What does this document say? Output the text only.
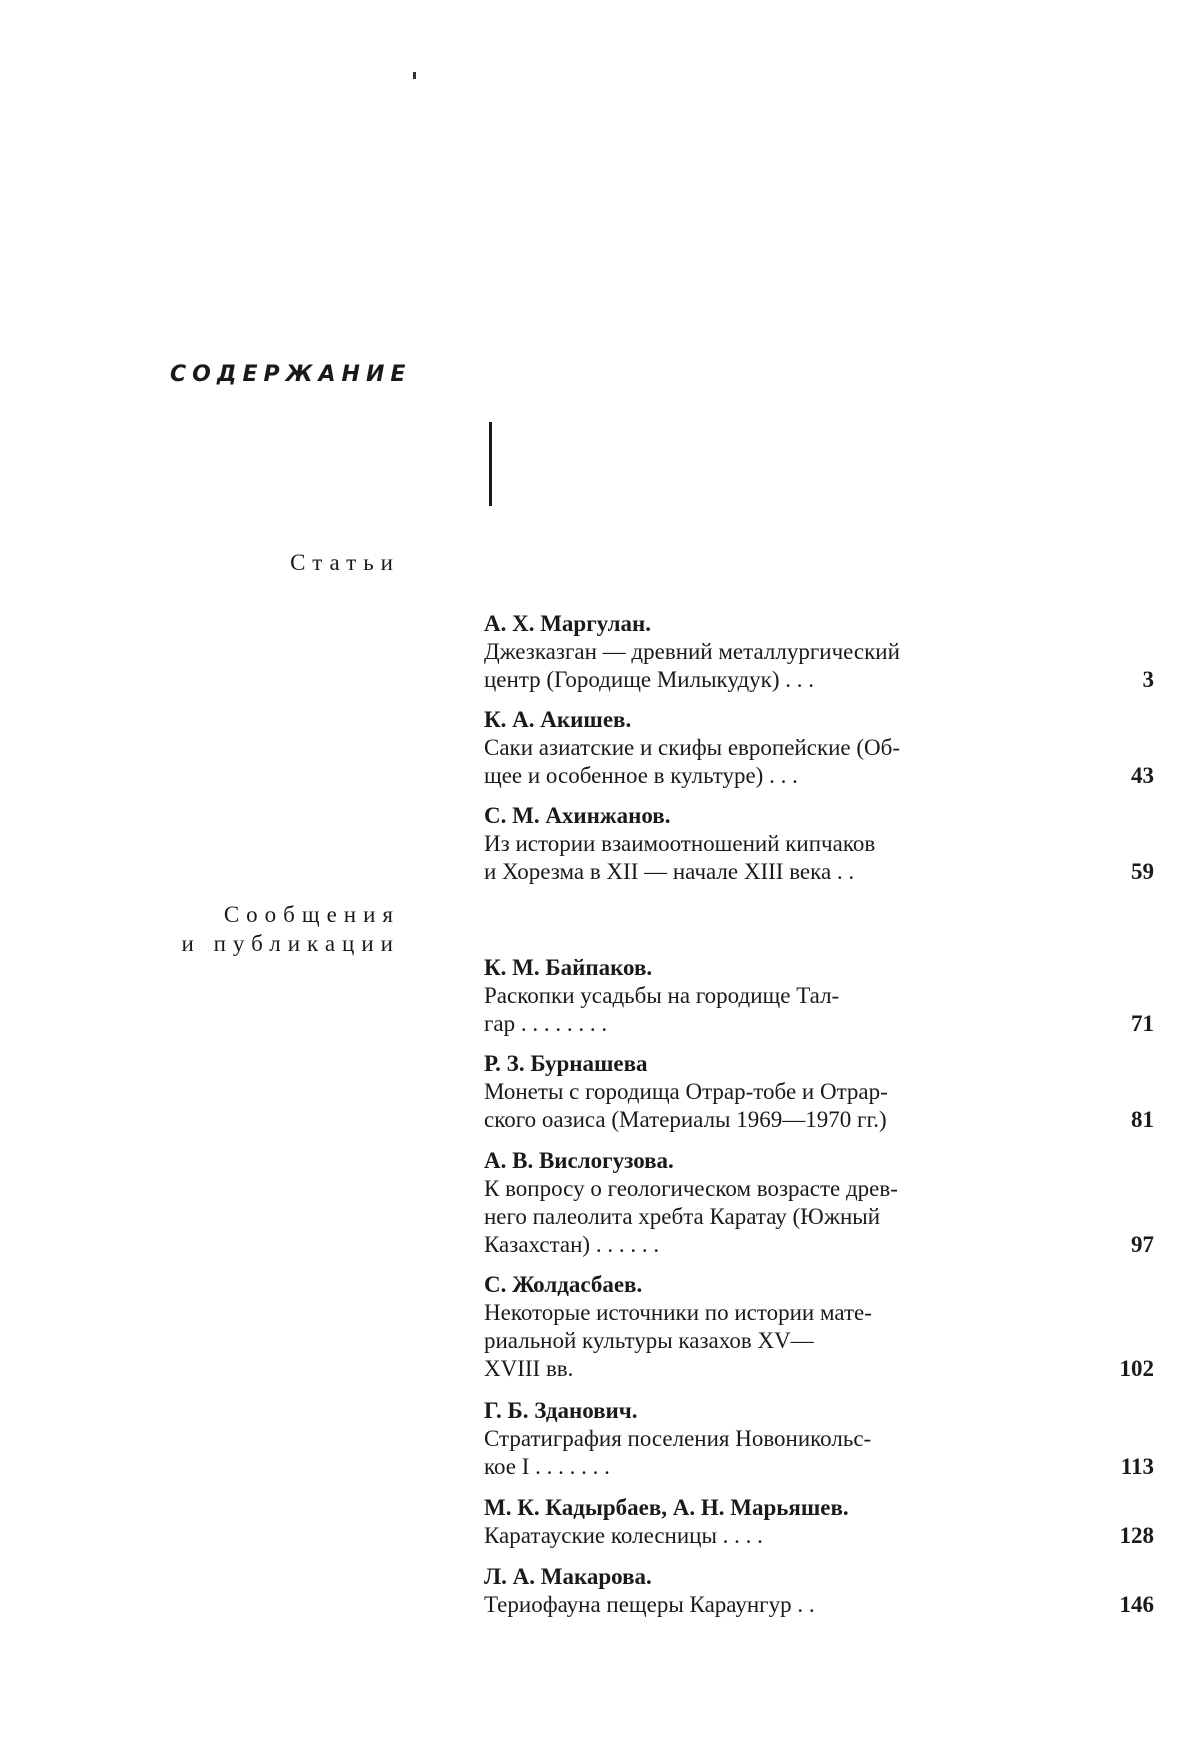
СОДЕРЖАНИЕ
Статьи
Сообщения
и публикации
А. Х. Маргулан.
Джезказган — древний металлургический
центр (Городище Милыкудук) . . .	3
К. А. Акишев.
Саки азиатские и скифы европейские (Об-
щее и особенное в культуре) . . .	43
С. М. Ахинжанов.
Из истории взаимоотношений кипчаков
и Хорезма в XII — начале XIII века . .	59
К. М. Байпаков.
Раскопки усадьбы на городище Тал-
гар . . . . . . . .	71
Р. З. Бурнашева
Монеты с городища Отрар-тобе и Отрар-
ского оазиса (Материалы 1969—1970 гг.)	81
А. В. Вислогузова.
К вопросу о геологическом возрасте древ-
него палеолита хребта Каратау (Южный
Казахстан) . . . . . .	97
С. Жолдасбаев.
Некоторые источники по истории мате-
риальной культуры казахов XV—
XVIII вв.	102
Г. Б. Зданович.
Стратиграфия поселения Новоникольс-
кое I . . . . . . .	113
М. К. Кадырбаев, А. Н. Марьяшев.
Каратауские колесницы . . . .	128
Л. А. Макарова.
Териофауна пещеры Караунгур . .	146
